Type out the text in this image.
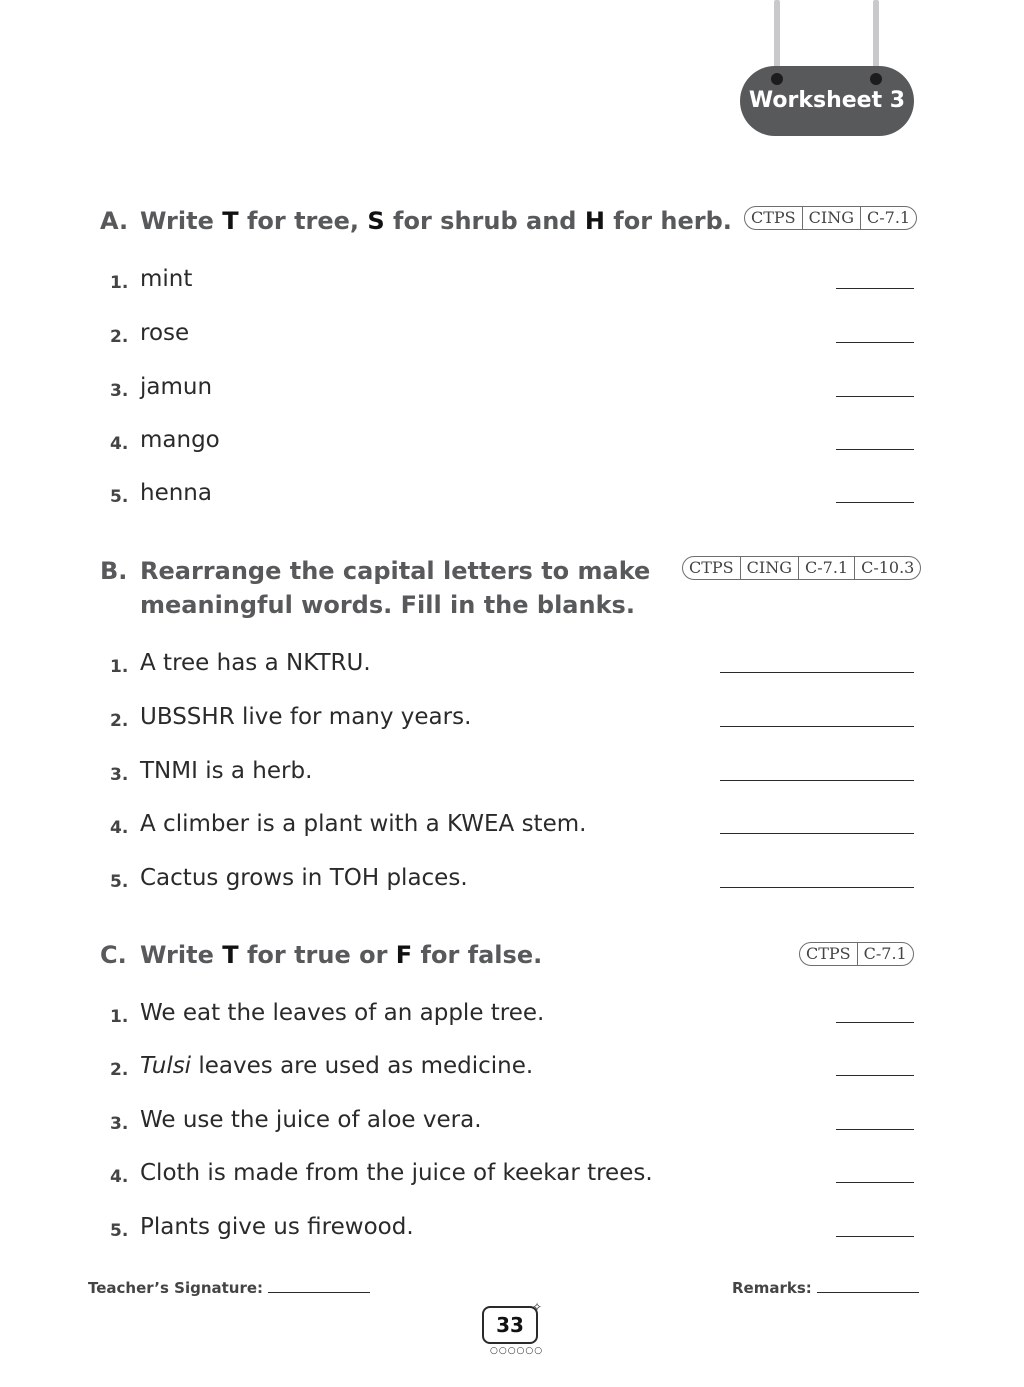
Worksheet 3
A. Write T for tree, S for shrub and H for herb.	CTPS CING C-7.1
1. mint
2. rose
3. jamun
4. mango
5. henna
B. Rearrange the capital letters to make
meaningful words. Fill in the blanks.
CTPS CING C-7.1 C-10.3
1. A tree has a NKTRU.
2. UBSSHR live for many years.
3. TNMI is a herb.
4. A climber is a plant with a KWEA stem.
5. Cactus grows in TOH places.
C. Write T for true or F for false.	CTPS C-7.1
1. We eat the leaves of an apple tree.
2. Tulsi leaves are used as medicine.
3. We use the juice of aloe vera.
4. Cloth is made from the juice of keekar trees.
5. Plants give us firewood.
Teacher’s Signature:	Remarks:
33
✧
○○○○○○
